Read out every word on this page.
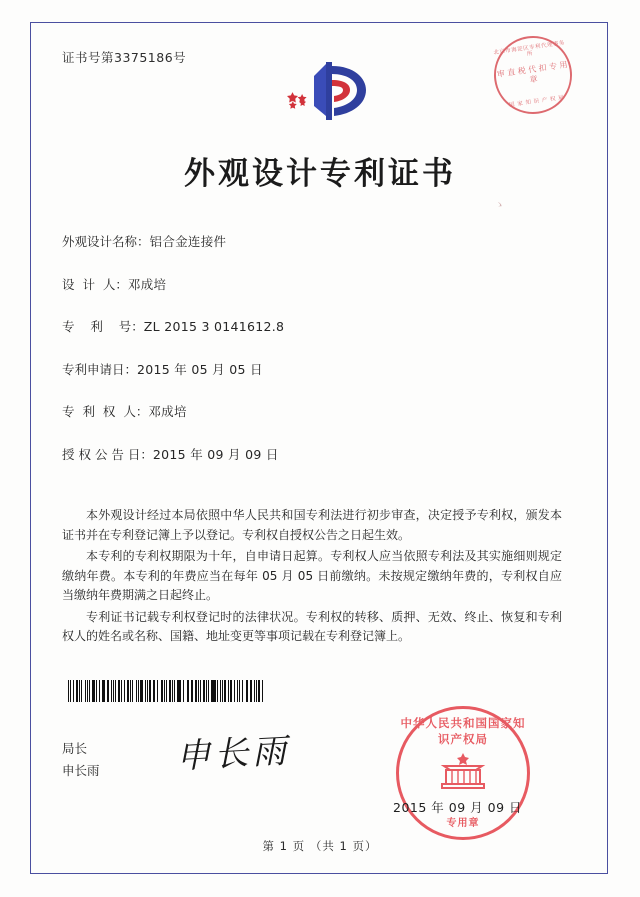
证书号第3375186号
北京市海淀区专利代理事务所
审 直 税 代 扣 专 用 章
国 家 知 识 产 权 局
外观设计专利证书
ゝ
外观设计名称： 铝合金连接件
设  计  人： 邓成培
专    利    号： ZL 2015 3 0141612.8
专利申请日： 2015 年 05 月 05 日
专  利  权  人： 邓成培
授 权 公 告 日： 2015 年 09 月 09 日

本外观设计经过本局依照中华人民共和国专利法进行初步审查，决定授予专利权，颁发本证书并在专利登记簿上予以登记。专利权自授权公告之日起生效。

本专利的专利权期限为十年，自申请日起算。专利权人应当依照专利法及其实施细则规定缴纳年费。本专利的年费应当在每年 05 月 05 日前缴纳。未按规定缴纳年费的，专利权自应当缴纳年费期满之日起终止。

专利证书记载专利权登记时的法律状况。专利权的转移、质押、无效、终止、恢复和专利权人的姓名或名称、国籍、地址变更等事项记载在专利登记簿上。

局长
申长雨 申长雨
中华人民共和国国家知识产权局
专用章
2015 年 09 月 09 日
第 1 页 （共 1 页）
